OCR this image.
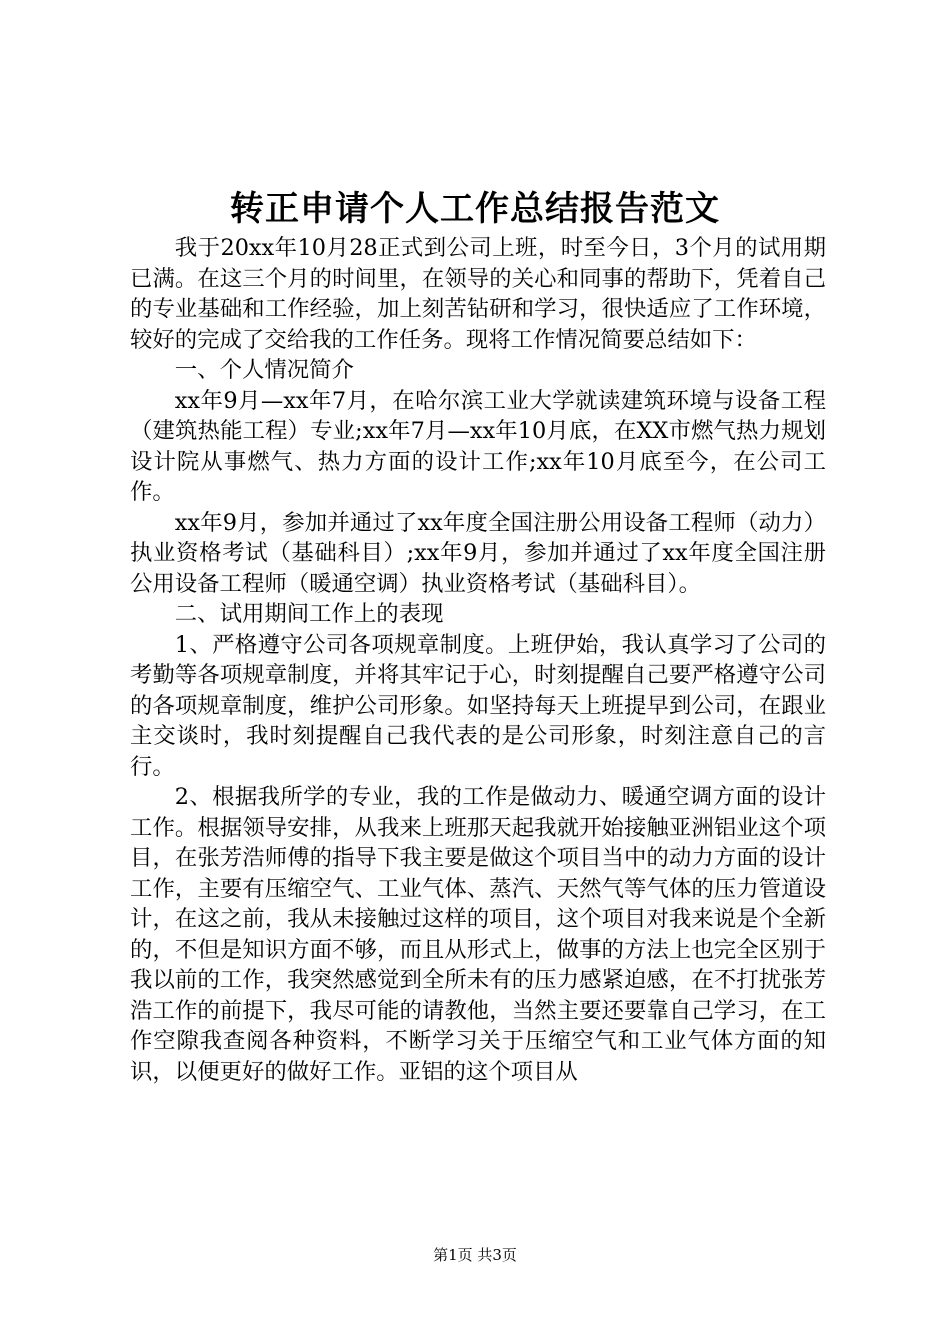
转正申请个人工作总结报告范文

我于20xx年10月28正式到公司上班，时至今日，3个月的试用期已满。在这三个月的时间里，在领导的关心和同事的帮助下，凭着自己的专业基础和工作经验，加上刻苦钻研和学习，很快适应了工作环境，较好的完成了交给我的工作任务。现将工作情况简要总结如下：

一、个人情况简介

xx年9月—xx年7月，在哈尔滨工业大学就读建筑环境与设备工程（建筑热能工程）专业;xx年7月—xx年10月底，在XX市燃气热力规划设计院从事燃气、热力方面的设计工作;xx年10月底至今，在公司工作。

xx年9月，参加并通过了xx年度全国注册公用设备工程师（动力）执业资格考试（基础科目）;xx年9月，参加并通过了xx年度全国注册公用设备工程师（暖通空调）执业资格考试（基础科目）。

二、试用期间工作上的表现

1、严格遵守公司各项规章制度。上班伊始，我认真学习了公司的考勤等各项规章制度，并将其牢记于心，时刻提醒自己要严格遵守公司的各项规章制度，维护公司形象。如坚持每天上班提早到公司，在跟业主交谈时，我时刻提醒自己我代表的是公司形象，时刻注意自己的言行。

2、根据我所学的专业，我的工作是做动力、暖通空调方面的设计工作。根据领导安排，从我来上班那天起我就开始接触亚洲铝业这个项目，在张芳浩师傅的指导下我主要是做这个项目当中的动力方面的设计工作，主要有压缩空气、工业气体、蒸汽、天然气等气体的压力管道设计，在这之前，我从未接触过这样的项目，这个项目对我来说是个全新的，不但是知识方面不够，而且从形式上，做事的方法上也完全区别于我以前的工作，我突然感觉到全所未有的压力感紧迫感，在不打扰张芳浩工作的前提下，我尽可能的请教他，当然主要还要靠自己学习，在工作空隙我查阅各种资料，不断学习关于压缩空气和工业气体方面的知识，以便更好的做好工作。亚铝的这个项目从

第1页 共3页
